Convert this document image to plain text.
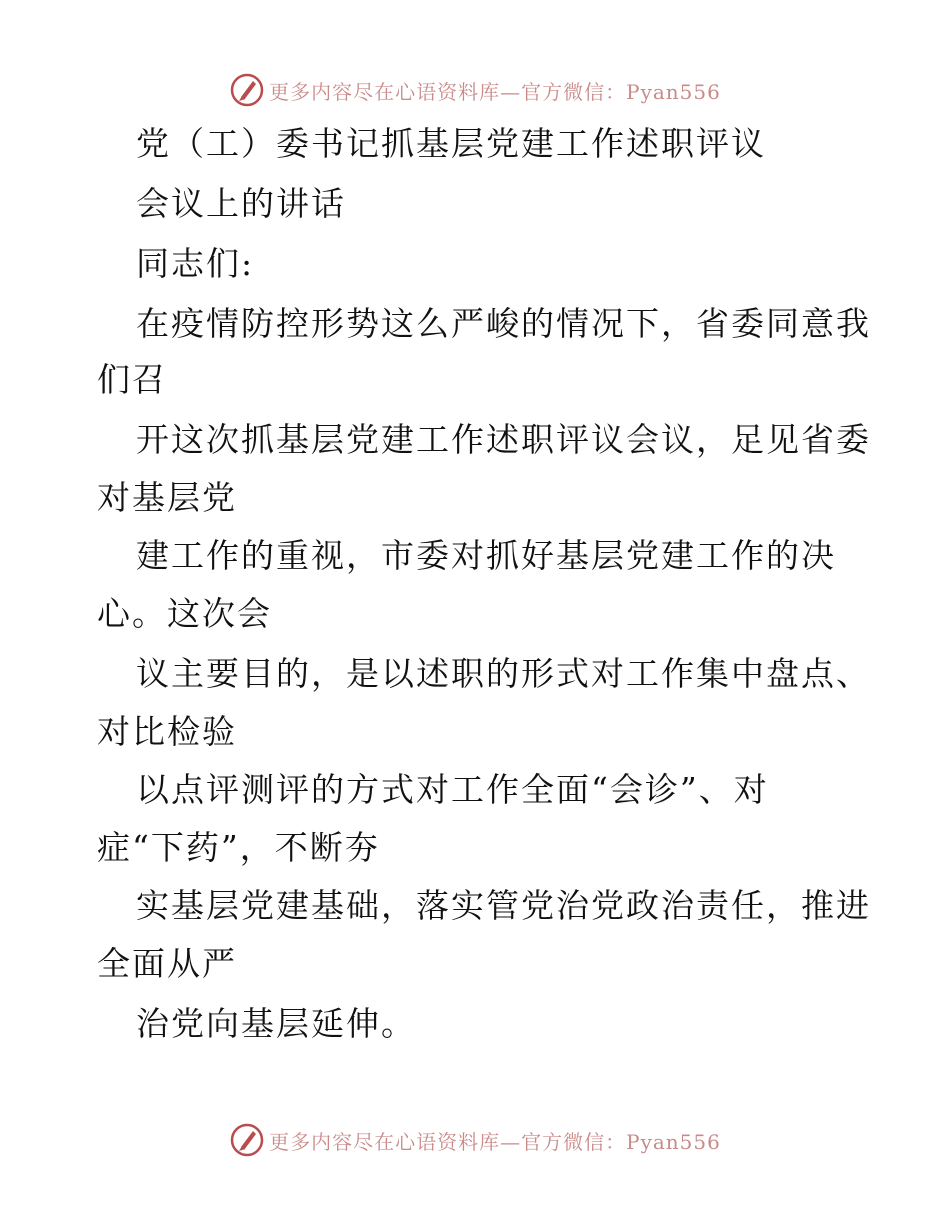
更多内容尽在心语资料库—官方微信：Pyan556
党（工）委书记抓基层党建工作述职评议
会议上的讲话
同志们:
在疫情防控形势这么严峻的情况下，省委同意我
们召
开这次抓基层党建工作述职评议会议，足见省委
对基层党
建工作的重视，市委对抓好基层党建工作的决
心。这次会
议主要目的，是以述职的形式对工作集中盘点、
对比检验
以点评测评的方式对工作全面“会诊”、对
症“下药”，不断夯
实基层党建基础，落实管党治党政治责任，推进
全面从严
治党向基层延伸。
更多内容尽在心语资料库—官方微信：Pyan556
